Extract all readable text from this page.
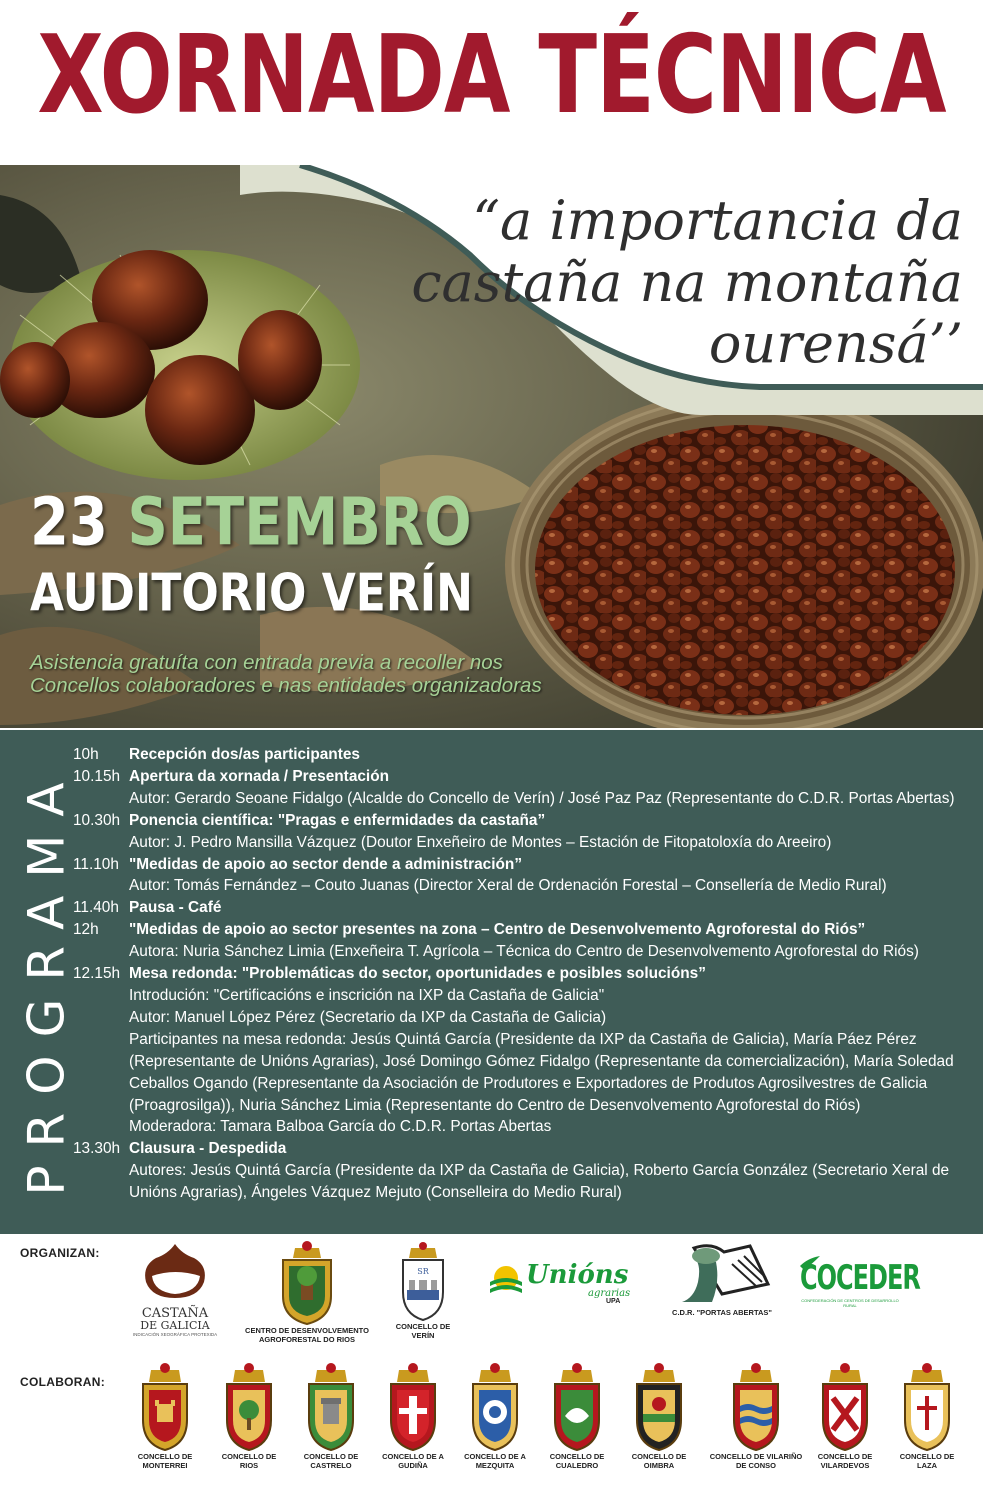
XORNADA TÉCNICA
“a importancia da
castaña na montaña
ourensá’’
23 SETEMBRO
AUDITORIO VERÍN
Asistencia gratuíta con entrada previa a recoller nos Concellos colaboradores e nas entidades organizadoras
PROGRAMA
10h	Recepción dos/as participantes
10.15h Apertura da xornada / Presentación
Autor: Gerardo Seoane Fidalgo (Alcalde do Concello de Verín) / José Paz Paz (Representante do C.D.R. Portas Abertas)
10.30h Ponencia científica: "Pragas e enfermidades da castaña”
Autor: J. Pedro Mansilla Vázquez (Doutor Enxeñeiro de Montes – Estación de Fitopatoloxía do Areeiro)
11.10h "Medidas de apoio ao sector dende a administración”
Autor: Tomás Fernández – Couto Juanas (Director Xeral de Ordenación Forestal – Consellería de Medio Rural)
11.40h Pausa - Café
12h	"Medidas de apoio ao sector presentes na zona – Centro de Desenvolvemento Agroforestal do Riós”
Autora: Nuria Sánchez Limia (Enxeñeira T. Agrícola – Técnica do Centro de Desenvolvemento Agroforestal do Riós)
12.15h Mesa redonda: "Problemáticas do sector, oportunidades e posibles solucións”
Introdución: "Certificacións e inscrición na IXP da Castaña de Galicia"
Autor: Manuel López Pérez (Secretario da IXP da Castaña de Galicia)
Participantes na mesa redonda: Jesús Quintá García (Presidente da IXP da Castaña de Galicia), María Páez Pérez (Representante de Unións Agrarias), José Domingo Gómez Fidalgo (Representante da comercialización), María Soledad Ceballos Ogando (Representante da Asociación de Produtores e Exportadores de Produtos Agrosilvestres de Galicia (Proagrosilga)), Nuria Sánchez Limia (Representante do Centro de Desenvolvemento Agroforestal do Riós)
Moderadora: Tamara Balboa García do C.D.R. Portas Abertas
13.30h Clausura - Despedida
Autores: Jesús Quintá García (Presidente da IXP da Castaña de Galicia), Roberto García González (Secretario Xeral de Unións Agrarias), Ángeles Vázquez Mejuto (Conselleira do Medio Rural)
ORGANIZAN:
CASTAÑA
DE GALICIA
INDICACIÓN XEOGRÁFICA PROTEXIDA	CENTRO DE DESENVOLVEMENTO AGROFORESTAL DO RIOS
SR
CONCELLO DE VERÍN
Unións
agrarias
UPA
C.D.R. "PORTAS ABERTAS"
COCEDER
CONFEDERACIÓN DE CENTROS DE DESARROLLO RURAL
COLABORAN:
CONCELLO DE MONTERREI
CONCELLO DE RIOS
CONCELLO DE CASTRELO
CONCELLO DE A GUDIÑA
CONCELLO DE A MEZQUITA
CONCELLO DE CUALEDRO
CONCELLO DE OIMBRA
CONCELLO DE VILARIÑO DE CONSO
CONCELLO DE VILARDEVOS
CONCELLO DE LAZA
